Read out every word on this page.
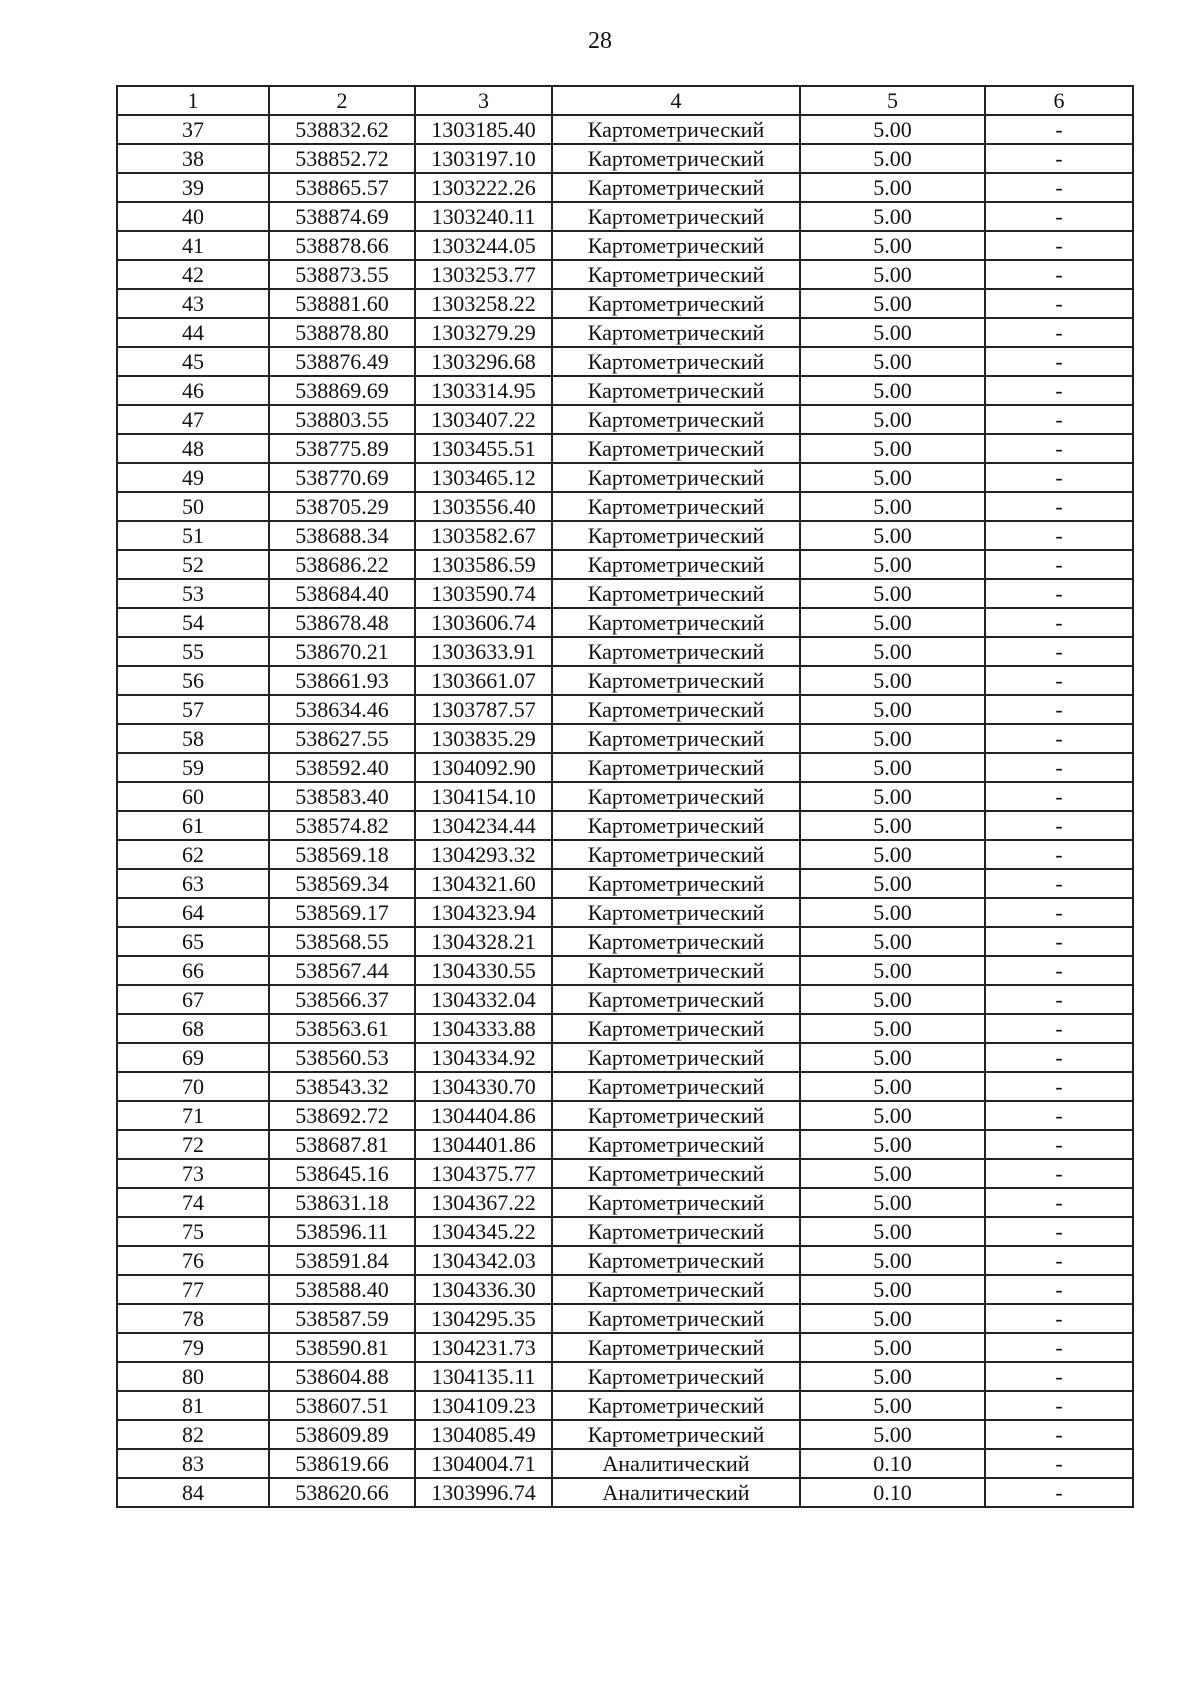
28
1	2	3	4	5	6
37	538832.62	1303185.40	Картометрический	5.00	-
38	538852.72	1303197.10	Картометрический	5.00	-
39	538865.57	1303222.26	Картометрический	5.00	-
40	538874.69	1303240.11	Картометрический	5.00	-
41	538878.66	1303244.05	Картометрический	5.00	-
42	538873.55	1303253.77	Картометрический	5.00	-
43	538881.60	1303258.22	Картометрический	5.00	-
44	538878.80	1303279.29	Картометрический	5.00	-
45	538876.49	1303296.68	Картометрический	5.00	-
46	538869.69	1303314.95	Картометрический	5.00	-
47	538803.55	1303407.22	Картометрический	5.00	-
48	538775.89	1303455.51	Картометрический	5.00	-
49	538770.69	1303465.12	Картометрический	5.00	-
50	538705.29	1303556.40	Картометрический	5.00	-
51	538688.34	1303582.67	Картометрический	5.00	-
52	538686.22	1303586.59	Картометрический	5.00	-
53	538684.40	1303590.74	Картометрический	5.00	-
54	538678.48	1303606.74	Картометрический	5.00	-
55	538670.21	1303633.91	Картометрический	5.00	-
56	538661.93	1303661.07	Картометрический	5.00	-
57	538634.46	1303787.57	Картометрический	5.00	-
58	538627.55	1303835.29	Картометрический	5.00	-
59	538592.40	1304092.90	Картометрический	5.00	-
60	538583.40	1304154.10	Картометрический	5.00	-
61	538574.82	1304234.44	Картометрический	5.00	-
62	538569.18	1304293.32	Картометрический	5.00	-
63	538569.34	1304321.60	Картометрический	5.00	-
64	538569.17	1304323.94	Картометрический	5.00	-
65	538568.55	1304328.21	Картометрический	5.00	-
66	538567.44	1304330.55	Картометрический	5.00	-
67	538566.37	1304332.04	Картометрический	5.00	-
68	538563.61	1304333.88	Картометрический	5.00	-
69	538560.53	1304334.92	Картометрический	5.00	-
70	538543.32	1304330.70	Картометрический	5.00	-
71	538692.72	1304404.86	Картометрический	5.00	-
72	538687.81	1304401.86	Картометрический	5.00	-
73	538645.16	1304375.77	Картометрический	5.00	-
74	538631.18	1304367.22	Картометрический	5.00	-
75	538596.11	1304345.22	Картометрический	5.00	-
76	538591.84	1304342.03	Картометрический	5.00	-
77	538588.40	1304336.30	Картометрический	5.00	-
78	538587.59	1304295.35	Картометрический	5.00	-
79	538590.81	1304231.73	Картометрический	5.00	-
80	538604.88	1304135.11	Картометрический	5.00	-
81	538607.51	1304109.23	Картометрический	5.00	-
82	538609.89	1304085.49	Картометрический	5.00	-
83	538619.66	1304004.71	Аналитический	0.10	-
84	538620.66	1303996.74	Аналитический	0.10	-
